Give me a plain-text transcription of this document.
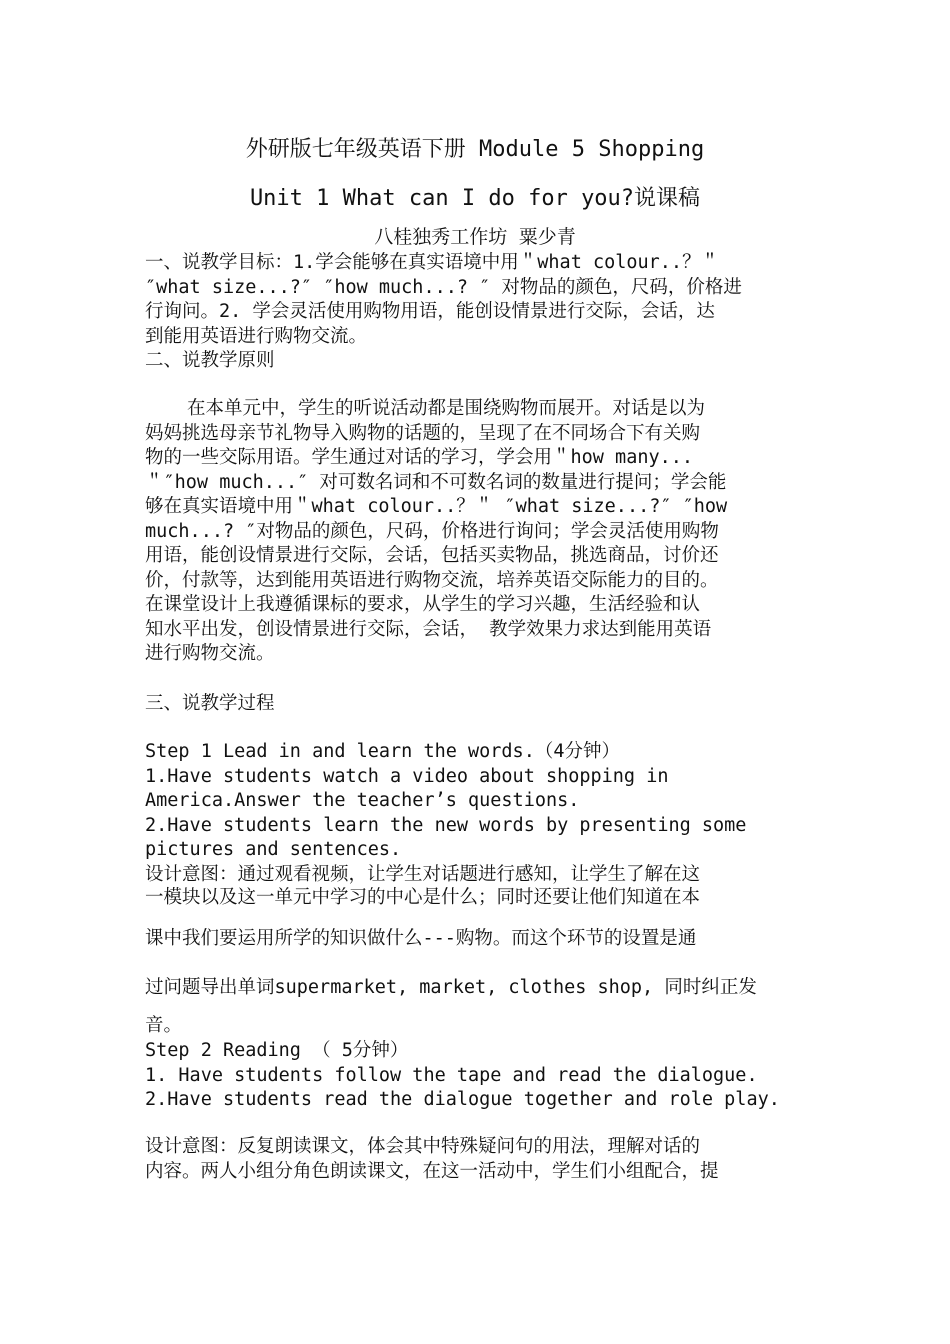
外研版七年级英语下册 Module 5 Shopping
Unit 1 What can I do for you?说课稿
八桂独秀工作坊 粟少青
一、说教学目标：1.学会能够在真实语境中用＂what colour..？＂
″what size...?″ ″how much...? ″ 对物品的颜色，尺码，价格进
行询问。2. 学会灵活使用购物用语，能创设情景进行交际，会话，达
到能用英语进行购物交流。
二、说教学原则
在本单元中，学生的听说活动都是围绕购物而展开。对话是以为
妈妈挑选母亲节礼物导入购物的话题的，呈现了在不同场合下有关购
物的一些交际用语。学生通过对话的学习，学会用＂how many...
＂″how much...″ 对可数名词和不可数名词的数量进行提问；学会能
够在真实语境中用＂what colour..？＂ ″what size...?″ ″how
much...? ″对物品的颜色，尺码，价格进行询问；学会灵活使用购物
用语，能创设情景进行交际，会话，包括买卖物品，挑选商品，讨价还
价，付款等，达到能用英语进行购物交流，培养英语交际能力的目的。
在课堂设计上我遵循课标的要求，从学生的学习兴趣，生活经验和认
知水平出发，创设情景进行交际，会话， 教学效果力求达到能用英语
进行购物交流。
三、说教学过程
Step 1 Lead in and learn the words.（4分钟）
1.Have students watch a video about shopping in
America.Answer the teacher’s questions.
2.Have students learn the new words by presenting some
pictures and sentences.
设计意图：通过观看视频，让学生对话题进行感知，让学生了解在这
一模块以及这一单元中学习的中心是什么；同时还要让他们知道在本
课中我们要运用所学的知识做什么---购物。而这个环节的设置是通
过问题导出单词supermarket, market, clothes shop, 同时纠正发
音。
Step 2 Reading （ 5分钟）
1. Have students follow the tape and read the dialogue.
2.Have students read the dialogue together and role play.
设计意图：反复朗读课文，体会其中特殊疑问句的用法，理解对话的
内容。两人小组分角色朗读课文，在这一活动中，学生们小组配合，提
